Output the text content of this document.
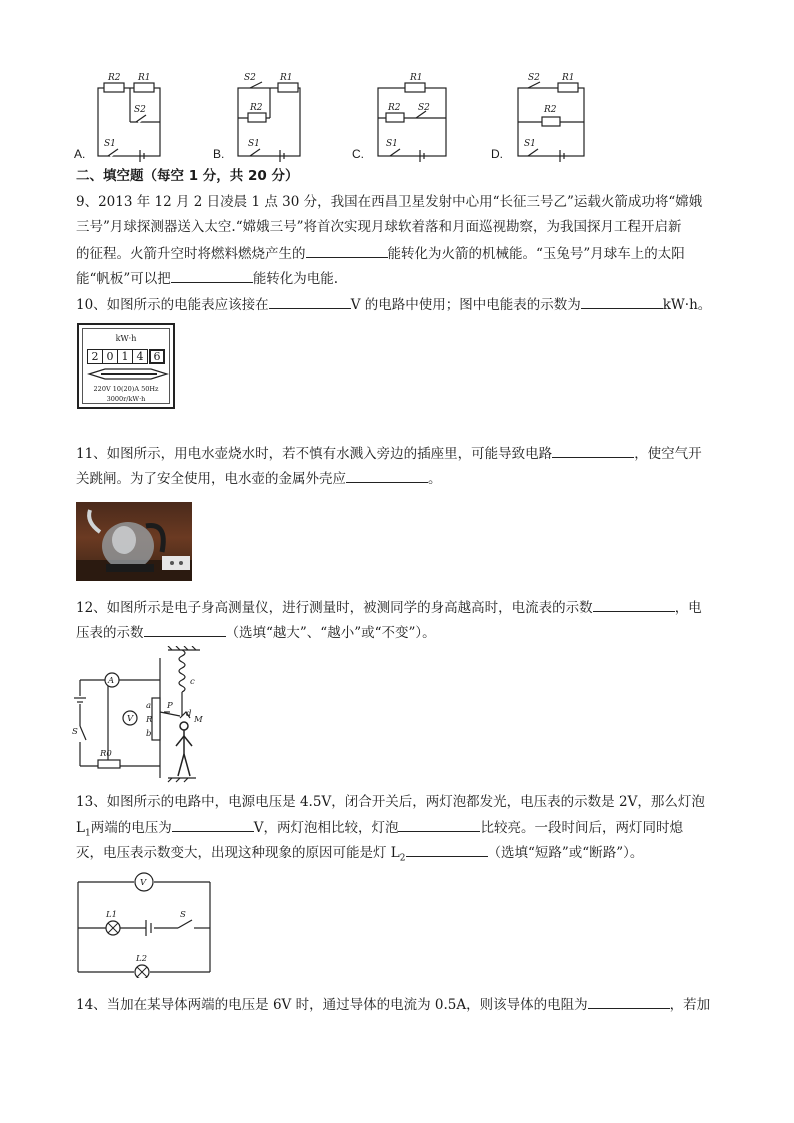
R2 R1
S2
S1
S2	R1
R2
S1
R1
R2 S2
S1
S2 R1
R2
S1
A.	B.	C.	D.
二、填空题（每空 1 分，共 20 分）
9、2013 年 12 月 2 日凌晨 1 点 30 分，我国在西昌卫星发射中心用“长征三号乙”运载火箭成功将“嫦娥
三号”月球探测器送入太空.“嫦娥三号”将首次实现月球软着落和月面巡视勘察，为我国探月工程开启新
的征程。火箭升空时将燃料燃烧产生的	能转化为火箭的机械能。“玉兔号”月球车上的太阳
能“帆板”可以把	能转化为电能.
10、如图所示的电能表应该接在	V 的电路中使用；图中电能表的示数为	kW·h。
kW·h
2 0 1 4 6
220V 10(20)A 50Hz
3000r/kW·h
11、如图所示，用电水壶烧水时，若不慎有水溅入旁边的插座里，可能导致电路	，使空气开
关跳闸。为了安全使用，电水壶的金属外壳应	。
12、如图所示是电子身高测量仪，进行测量时，被测同学的身高越高时，电流表的示数	，电
压表的示数	（选填“越大”、“越小”或“不变”）。
A
V R
P
a
b
c
d
M
S
R0
13、如图所示的电路中，电源电压是 4.5V，闭合开关后，两灯泡都发光，电压表的示数是 2V，那么灯泡
$L_1$两端的电压为	V，两灯泡相比较，灯泡	比较亮。一段时间后，两灯同时熄
灭，电压表示数变大，出现这种现象的原因可能是灯 $L_2$	（选填“短路”或“断路”）。
V
L1
L2
S
14、当加在某导体两端的电压是 6V 时，通过导体的电流为 0.5A，则该导体的电阻为	，若加
